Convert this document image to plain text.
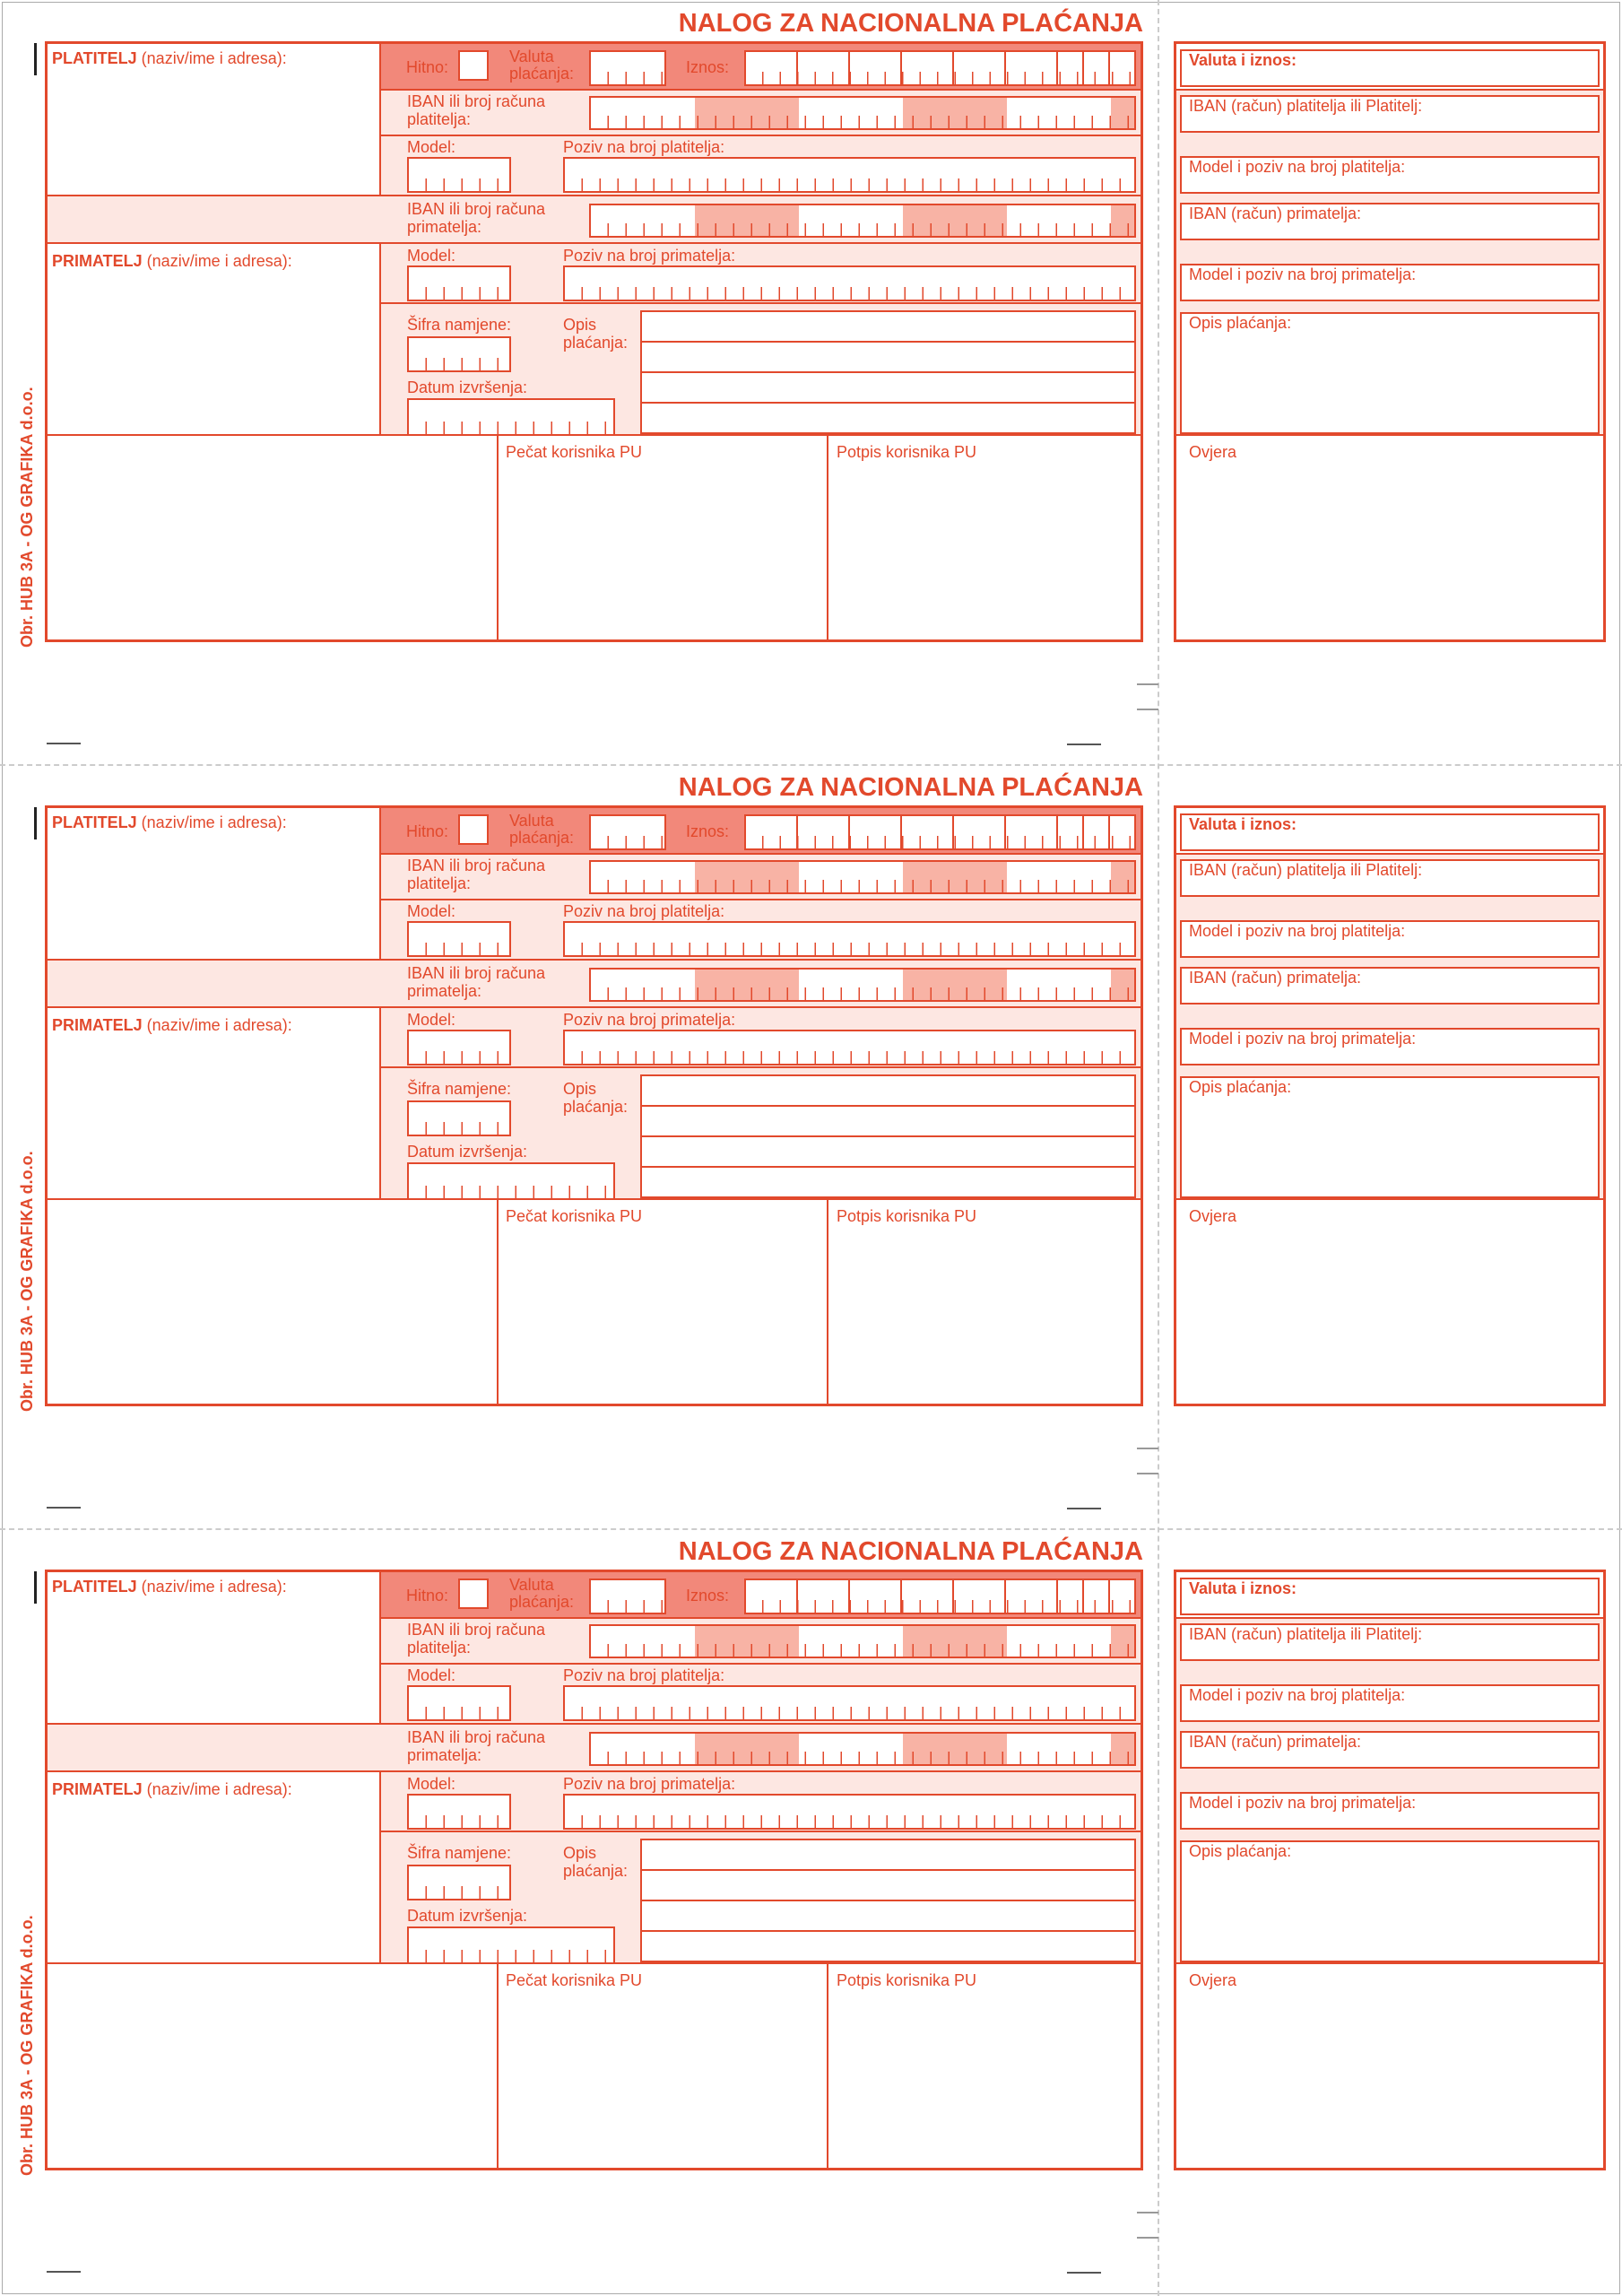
NALOG ZA NACIONALNA PLAĆANJA
Obr. HUB 3A - OG GRAFIKA d.o.o.
PLATITELJ (naziv/ime i adresa):
PRIMATELJ (naziv/ime i adresa):
Hitno:
Valuta
plaćanja:	Iznos:
IBAN ili broj računa
platitelja:
Model:	Poziv na broj platitelja:
IBAN ili broj računa
primatelja:
Model:	Poziv na broj primatelja:
Šifra namjene:	Opis
plaćanja:
Datum izvršenja:
Pečat korisnika PU	Potpis korisnika PU
Valuta i iznos:
IBAN (račun) platitelja ili Platitelj:
Model i poziv na broj platitelja:
IBAN (račun) primatelja:
Model i poziv na broj primatelja:
Opis plaćanja:
Ovjera
NALOG ZA NACIONALNA PLAĆANJA
Obr. HUB 3A - OG GRAFIKA d.o.o.
PLATITELJ (naziv/ime i adresa):
PRIMATELJ (naziv/ime i adresa):
Hitno:
Valuta
plaćanja:	Iznos:
IBAN ili broj računa
platitelja:
Model:	Poziv na broj platitelja:
IBAN ili broj računa
primatelja:
Model:	Poziv na broj primatelja:
Šifra namjene:	Opis
plaćanja:
Datum izvršenja:
Pečat korisnika PU	Potpis korisnika PU
Valuta i iznos:
IBAN (račun) platitelja ili Platitelj:
Model i poziv na broj platitelja:
IBAN (račun) primatelja:
Model i poziv na broj primatelja:
Opis plaćanja:
Ovjera
NALOG ZA NACIONALNA PLAĆANJA
Obr. HUB 3A - OG GRAFIKA d.o.o.
PLATITELJ (naziv/ime i adresa):
PRIMATELJ (naziv/ime i adresa):
Hitno:
Valuta
plaćanja:	Iznos:
IBAN ili broj računa
platitelja:
Model:	Poziv na broj platitelja:
IBAN ili broj računa
primatelja:
Model:	Poziv na broj primatelja:
Šifra namjene:	Opis
plaćanja:
Datum izvršenja:
Pečat korisnika PU	Potpis korisnika PU
Valuta i iznos:
IBAN (račun) platitelja ili Platitelj:
Model i poziv na broj platitelja:
IBAN (račun) primatelja:
Model i poziv na broj primatelja:
Opis plaćanja:
Ovjera
